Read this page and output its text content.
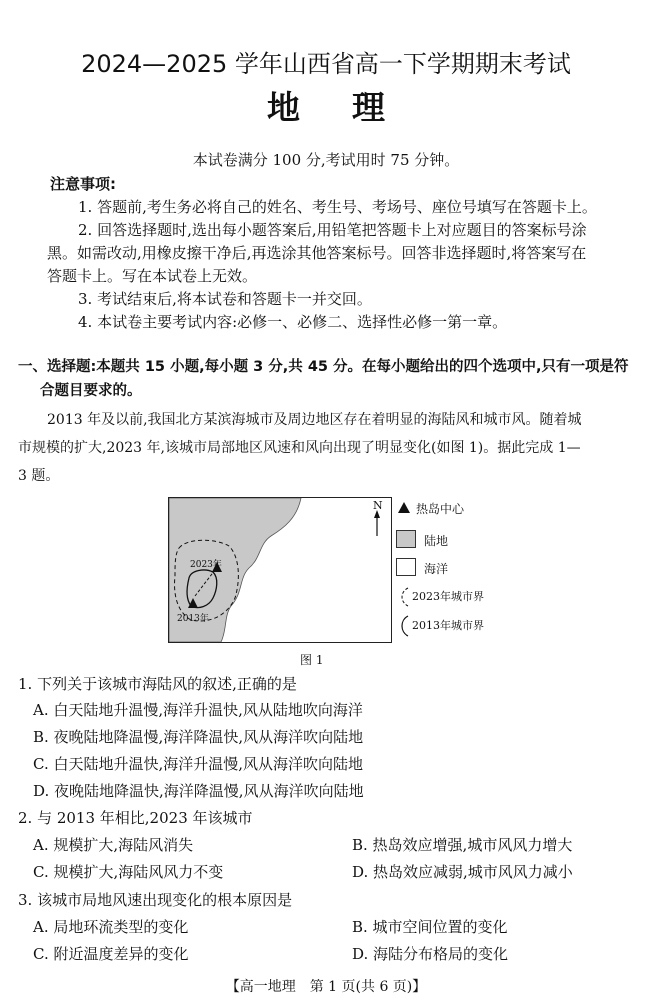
2024—2025 学年山西省高一下学期期末考试
地 理
本试卷满分 100 分,考试用时 75 分钟。
注意事项:
1. 答题前,考生务必将自己的姓名、考生号、考场号、座位号填写在答题卡上。
2. 回答选择题时,选出每小题答案后,用铅笔把答题卡上对应题目的答案标号涂
黑。如需改动,用橡皮擦干净后,再选涂其他答案标号。回答非选择题时,将答案写在
答题卡上。写在本试卷上无效。
3. 考试结束后,将本试卷和答题卡一并交回。
4. 本试卷主要考试内容:必修一、必修二、选择性必修一第一章。
一、选择题:本题共 15 小题,每小题 3 分,共 45 分。在每小题给出的四个选项中,只有一项是符
合题目要求的。
2013 年及以前,我国北方某滨海城市及周边地区存在着明显的海陆风和城市风。随着城
市规模的扩大,2023 年,该城市局部地区风速和风向出现了明显变化(如图 1)。据此完成 1—
3 题。
2023年
2013年
N	热岛中心
陆地
海洋
2023年城市界
2013年城市界
图 1
1. 下列关于该城市海陆风的叙述,正确的是
A. 白天陆地升温慢,海洋升温快,风从陆地吹向海洋
B. 夜晚陆地降温慢,海洋降温快,风从海洋吹向陆地
C. 白天陆地升温快,海洋升温慢,风从海洋吹向陆地
D. 夜晚陆地降温快,海洋降温慢,风从海洋吹向陆地
2. 与 2013 年相比,2023 年该城市
A. 规模扩大,海陆风消失	B. 热岛效应增强,城市风风力增大
C. 规模扩大,海陆风风力不变	D. 热岛效应减弱,城市风风力减小
3. 该城市局地风速出现变化的根本原因是
A. 局地环流类型的变化	B. 城市空间位置的变化
C. 附近温度差异的变化	D. 海陆分布格局的变化
【高一地理　第 1 页(共 6 页)】
